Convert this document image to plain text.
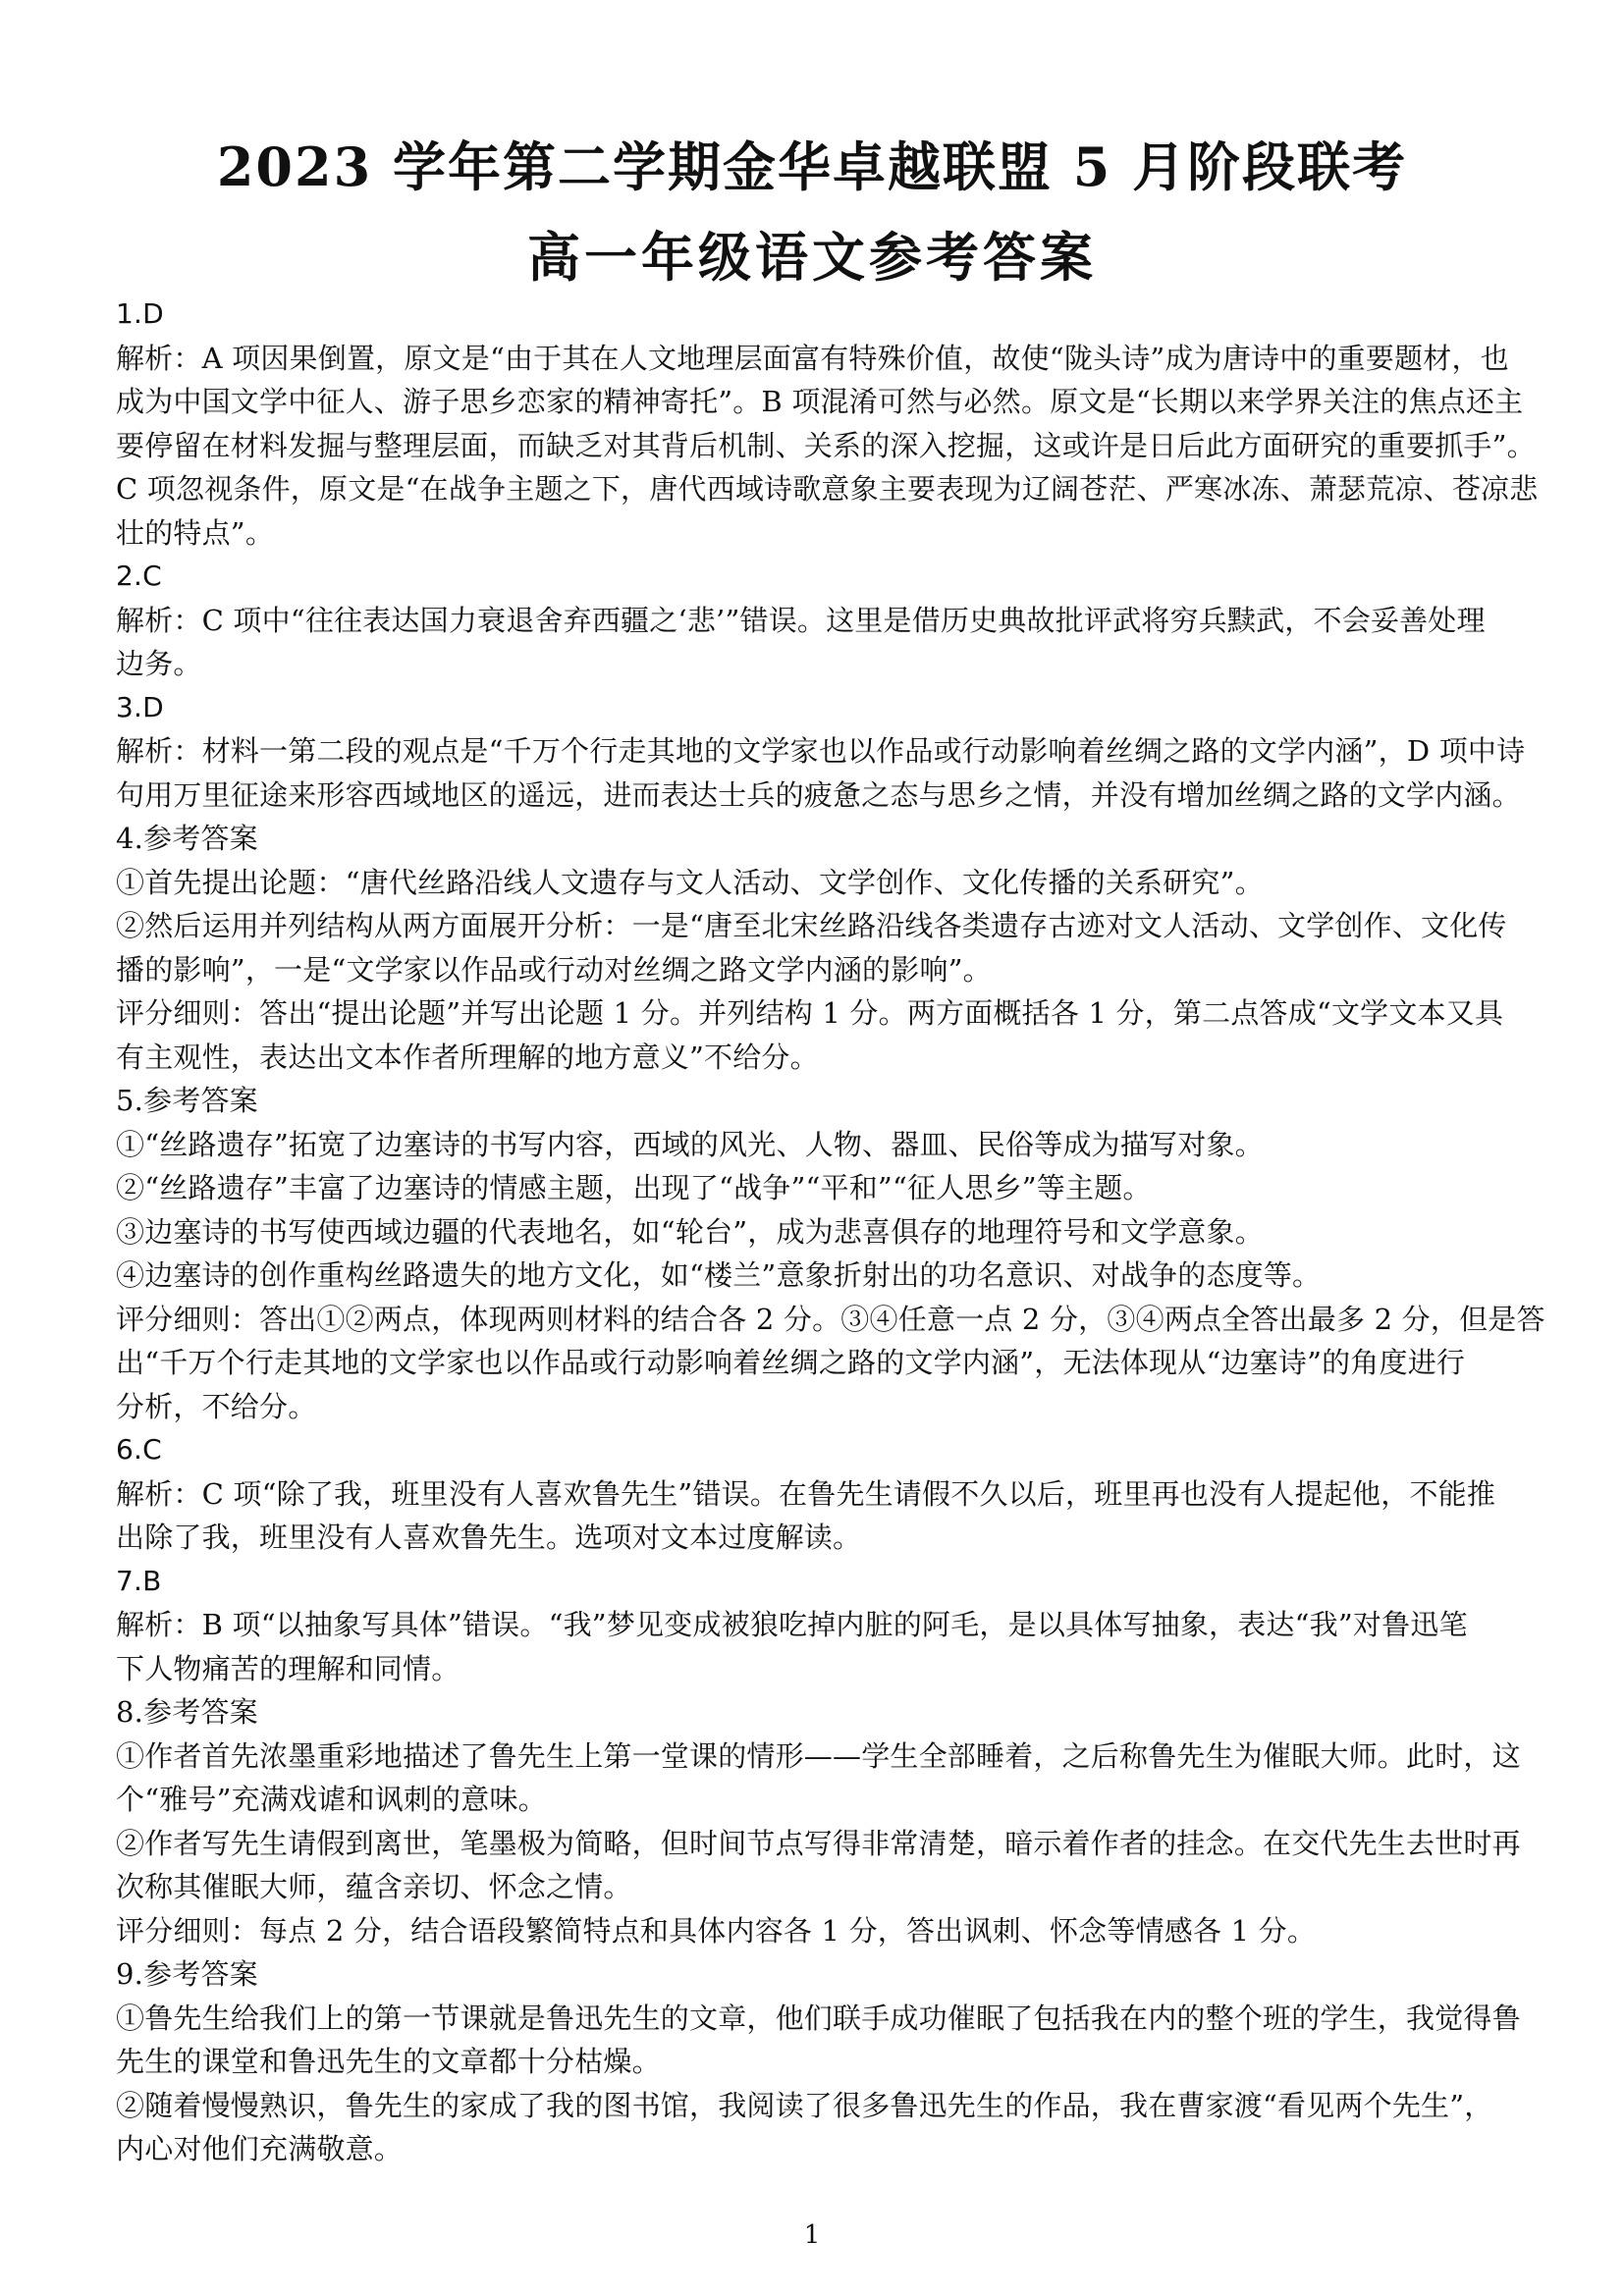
2023 学年第二学期金华卓越联盟 5 月阶段联考
高一年级语文参考答案
1.D
解析：A 项因果倒置，原文是“由于其在人文地理层面富有特殊价值，故使“陇头诗”成为唐诗中的重要题材，也
成为中国文学中征人、游子思乡恋家的精神寄托”。B 项混淆可然与必然。原文是“长期以来学界关注的焦点还主
要停留在材料发掘与整理层面，而缺乏对其背后机制、关系的深入挖掘，这或许是日后此方面研究的重要抓手”。
C 项忽视条件，原文是“在战争主题之下，唐代西域诗歌意象主要表现为辽阔苍茫、严寒冰冻、萧瑟荒凉、苍凉悲
壮的特点”。
2.C
解析：C 项中“往往表达国力衰退舍弃西疆之‘悲’”错误。这里是借历史典故批评武将穷兵黩武，不会妥善处理
边务。
3.D
解析：材料一第二段的观点是“千万个行走其地的文学家也以作品或行动影响着丝绸之路的文学内涵”，D 项中诗
句用万里征途来形容西域地区的遥远，进而表达士兵的疲惫之态与思乡之情，并没有增加丝绸之路的文学内涵。
4.参考答案
①首先提出论题：“唐代丝路沿线人文遗存与文人活动、文学创作、文化传播的关系研究”。
②然后运用并列结构从两方面展开分析：一是“唐至北宋丝路沿线各类遗存古迹对文人活动、文学创作、文化传
播的影响”，一是“文学家以作品或行动对丝绸之路文学内涵的影响”。
评分细则：答出“提出论题”并写出论题 1 分。并列结构 1 分。两方面概括各 1 分，第二点答成“文学文本又具
有主观性，表达出文本作者所理解的地方意义”不给分。
5.参考答案
①“丝路遗存”拓宽了边塞诗的书写内容，西域的风光、人物、器皿、民俗等成为描写对象。
②“丝路遗存”丰富了边塞诗的情感主题，出现了“战争”“平和”“征人思乡”等主题。
③边塞诗的书写使西域边疆的代表地名，如“轮台”，成为悲喜俱存的地理符号和文学意象。
④边塞诗的创作重构丝路遗失的地方文化，如“楼兰”意象折射出的功名意识、对战争的态度等。
评分细则：答出①②两点，体现两则材料的结合各 2 分。③④任意一点 2 分，③④两点全答出最多 2 分，但是答
出“千万个行走其地的文学家也以作品或行动影响着丝绸之路的文学内涵”，无法体现从“边塞诗”的角度进行
分析，不给分。
6.C
解析：C 项“除了我，班里没有人喜欢鲁先生”错误。在鲁先生请假不久以后，班里再也没有人提起他，不能推
出除了我，班里没有人喜欢鲁先生。选项对文本过度解读。
7.B
解析：B 项“以抽象写具体”错误。“我”梦见变成被狼吃掉内脏的阿毛，是以具体写抽象，表达“我”对鲁迅笔
下人物痛苦的理解和同情。
8.参考答案
①作者首先浓墨重彩地描述了鲁先生上第一堂课的情形——学生全部睡着，之后称鲁先生为催眠大师。此时，这
个“雅号”充满戏谑和讽刺的意味。
②作者写先生请假到离世，笔墨极为简略，但时间节点写得非常清楚，暗示着作者的挂念。在交代先生去世时再
次称其催眠大师，蕴含亲切、怀念之情。
评分细则：每点 2 分，结合语段繁简特点和具体内容各 1 分，答出讽刺、怀念等情感各 1 分。
9.参考答案
①鲁先生给我们上的第一节课就是鲁迅先生的文章，他们联手成功催眠了包括我在内的整个班的学生，我觉得鲁
先生的课堂和鲁迅先生的文章都十分枯燥。
②随着慢慢熟识，鲁先生的家成了我的图书馆，我阅读了很多鲁迅先生的作品，我在曹家渡“看见两个先生”，
内心对他们充满敬意。
1
